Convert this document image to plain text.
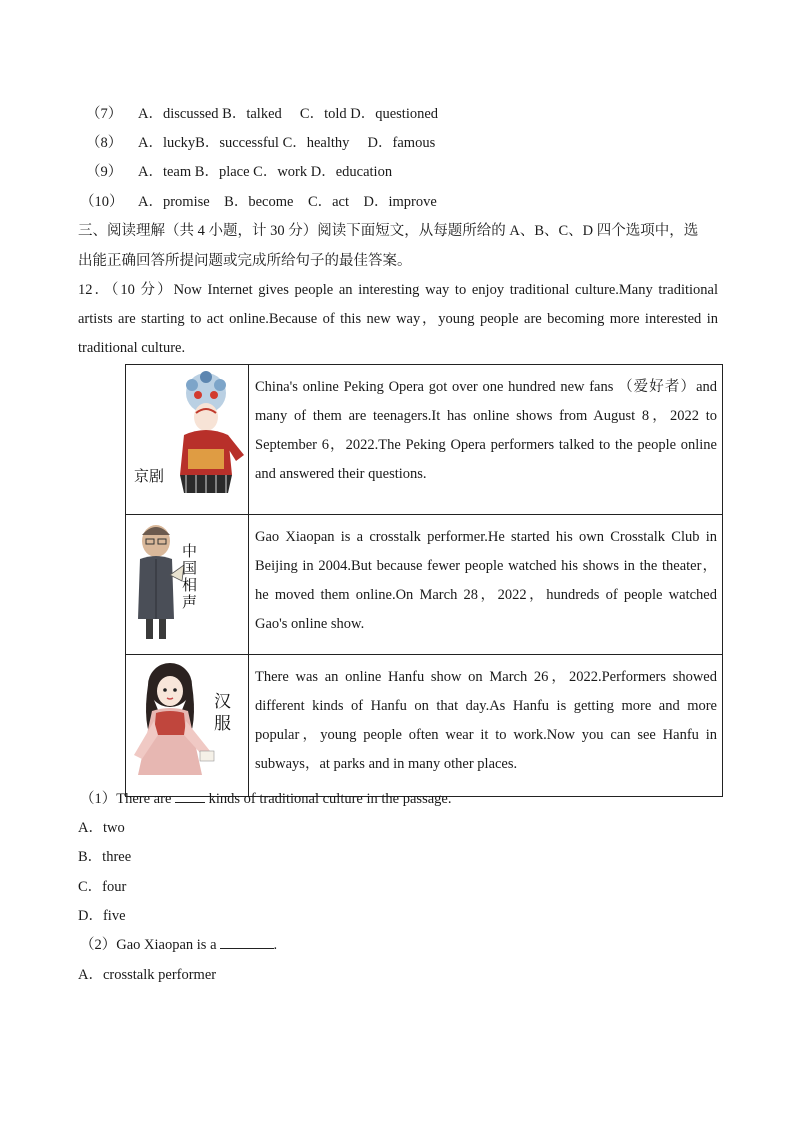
（7） A．discussed B．talked　 C．told D．questioned
（8） A．luckyB．successful C．healthy　 D．famous
（9） A．team B．place C．work D．education
（10） A．promise　B．become　C．act　D．improve
三、阅读理解（共 4 小题，计 30 分）阅读下面短文，从每题所给的 A、B、C、D 四个选项中，选
出能正确回答所提问题或完成所给句子的最佳答案。
12．（10 分）Now Internet gives people an interesting way to enjoy traditional culture.Many traditional artists are starting to act online.Because of this new way，young people are becoming more interested in traditional culture.
京剧	China's online Peking Opera got over one hundred new fans （爱好者）and many of them are teenagers.It has online shows from August 8，2022 to September 6，2022.The Peking Opera performers talked to the people online and answered their questions.

中国相声	Gao Xiaopan is a crosstalk performer.He started his own Crosstalk Club in Beijing in 2004.But because fewer people watched his shows in the theater，he moved them online.On March 28，2022，hundreds of people watched Gao's online show.

汉服	There was an online Hanfu show on March 26，2022.Performers showed different kinds of Hanfu on that day.As Hanfu is getting more and more popular，young people often wear it to work.Now you can see Hanfu in subways，at parks and in many other places.
（1）There are	kinds of traditional culture in the passage.
A．two
B．three
C．four
D．five
（2）Gao Xiaopan is a	.
A．crosstalk performer
